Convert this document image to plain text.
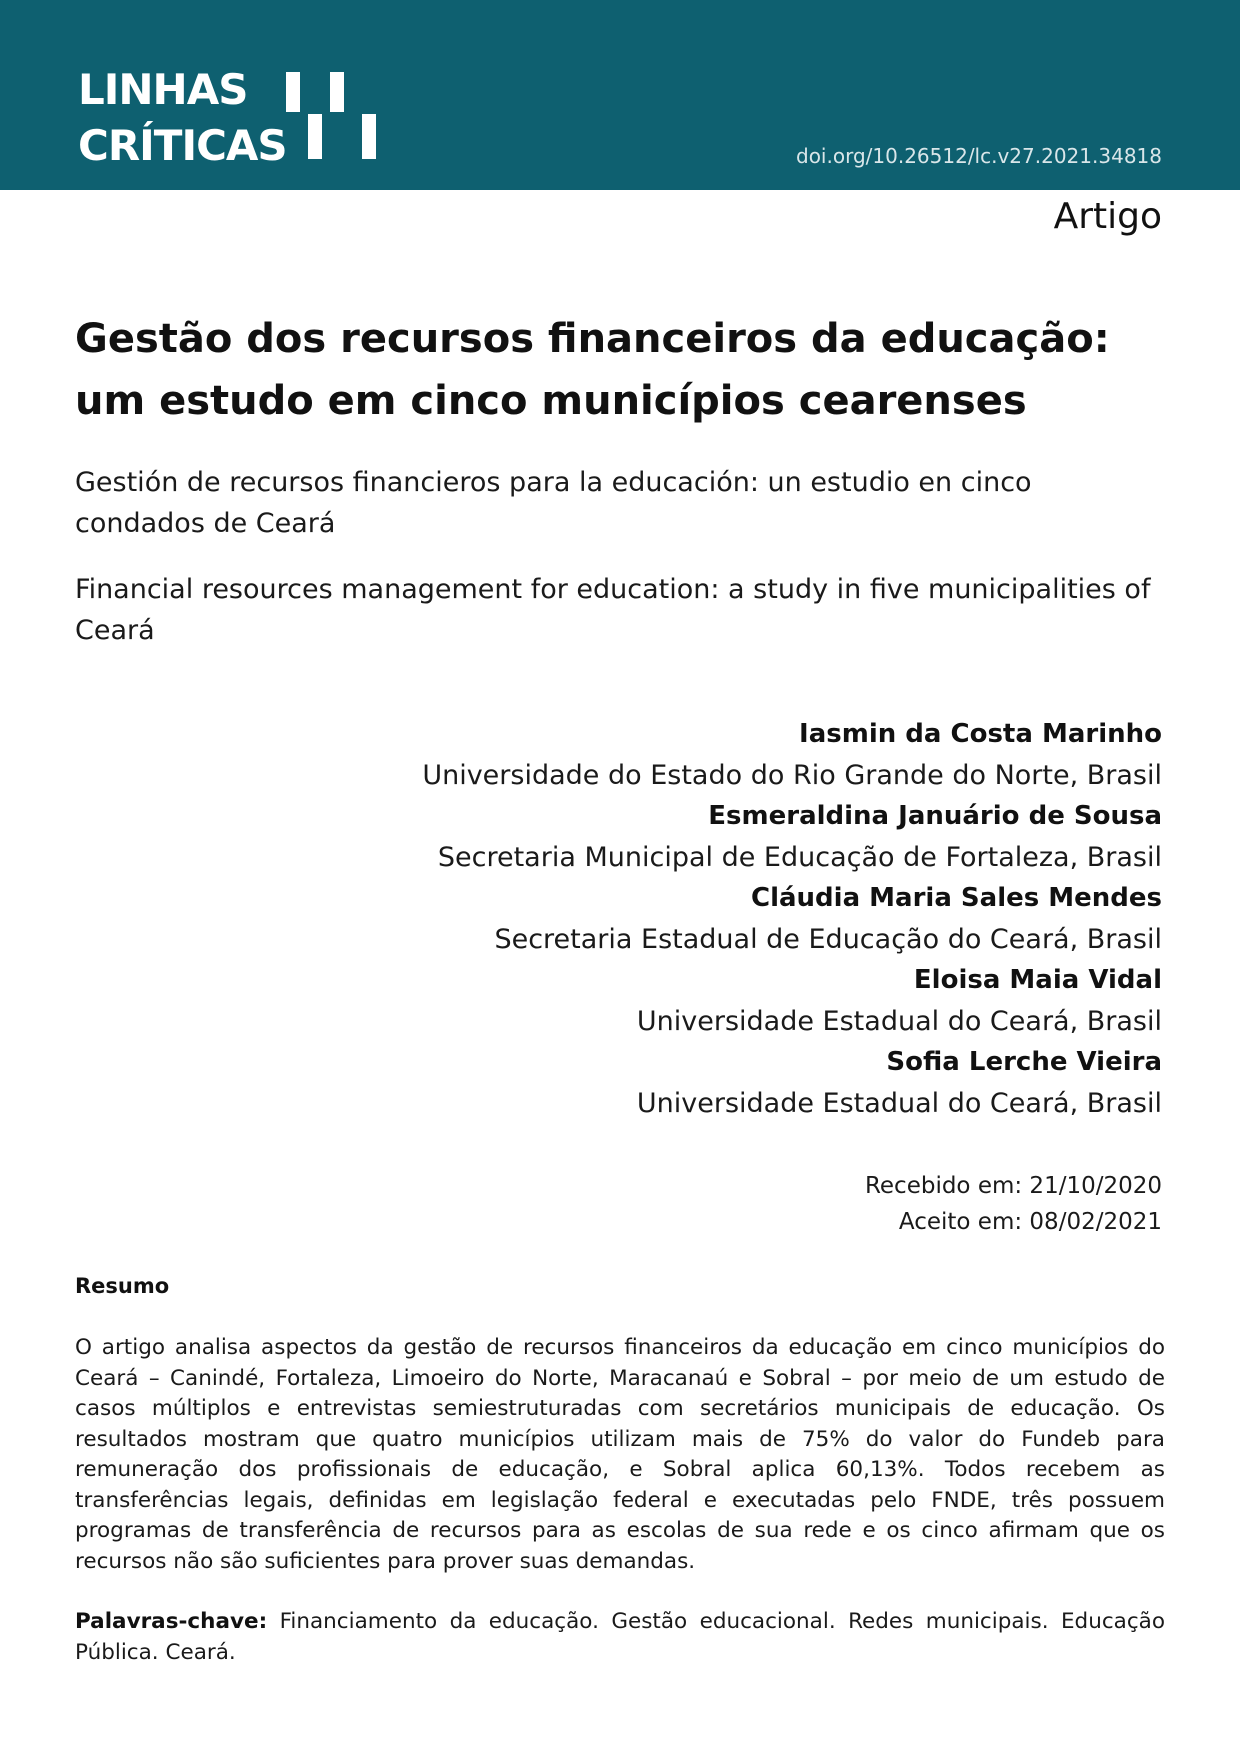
LINHAS
CRÍTICAS	doi.org/10.26512/lc.v27.2021.34818
Artigo
Gestão dos recursos financeiros da educação: um estudo em cinco municípios cearenses

Gestión de recursos financieros para la educación: un estudio en cinco condados de Ceará

Financial resources management for education: a study in five municipalities of Ceará

Iasmin da Costa Marinho
Universidade do Estado do Rio Grande do Norte, Brasil
Esmeraldina Januário de Sousa
Secretaria Municipal de Educação de Fortaleza, Brasil
Cláudia Maria Sales Mendes
Secretaria Estadual de Educação do Ceará, Brasil
Eloisa Maia Vidal
Universidade Estadual do Ceará, Brasil
Sofia Lerche Vieira
Universidade Estadual do Ceará, Brasil
Recebido em: 21/10/2020
Aceito em: 08/02/2021
Resumo

O artigo analisa aspectos da gestão de recursos financeiros da educação em cinco municípios do Ceará – Canindé, Fortaleza, Limoeiro do Norte, Maracanaú e Sobral – por meio de um estudo de casos múltiplos e entrevistas semiestruturadas com secretários municipais de educação. Os resultados mostram que quatro municípios utilizam mais de 75% do valor do Fundeb para remuneração dos profissionais de educação, e Sobral aplica 60,13%. Todos recebem as transferências legais, definidas em legislação federal e executadas pelo FNDE, três possuem programas de transferência de recursos para as escolas de sua rede e os cinco afirmam que os recursos não são suficientes para prover suas demandas.

Palavras-chave: Financiamento da educação. Gestão educacional. Redes municipais. Educação Pública. Ceará.
